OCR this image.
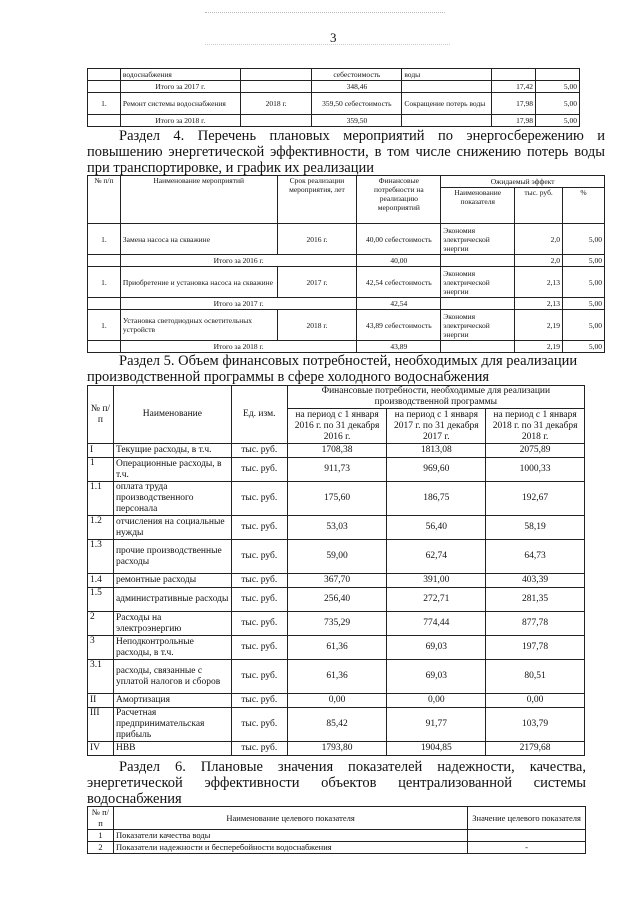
3
	водоснабжения		себестоимость	воды		
	Итого за 2017 г.		348,46		17,42	5,00
1.	Ремонт системы водоснабжения	2018 г.	359,50 себестоимость	Сокращение потерь воды	17,98	5,00
	Итого за 2018 г.		359,50		17,98	5,00
Раздел 4. Перечень плановых мероприятий по энергосбережению и повышению энергетической эффективности, в том числе снижению потерь воды при транспортировке, и график их реализации
№ п/п	Наименование мероприятий	Срок реализации мероприятия, лет	Финансовые потребности на реализацию мероприятий	Ожидаемый эффект		
				Наименование показателя	тыс. руб.	%
1.	Замена насоса на скважине	2016 г.	40,00 себестоимость	Экономия электрической энергии	2,0	5,00
	Итого за 2016 г.		40,00		2,0	5,00
1.	Приобретение и установка насоса на скважине	2017 г.	42,54 себестоимость	Экономия электрической энергии	2,13	5,00
	Итого за 2017 г.		42,54		2,13	5,00
1.	Установка светодиодных осветительных устройств	2018 г.	43,89 себестоимость	Экономия электрической энергии	2,19	5,00
	Итого за 2018 г.		43,89		2,19	5,00
Раздел 5. Объем финансовых потребностей, необходимых для реализации производственной программы в сфере холодного водоснабжения
№ п/п	Наименование	Ед. изм.	Финансовые потребности, необходимые для реализации производственной программы		
			на период с 1 января 2016 г. по 31 декабря 2016 г.	на период с 1 января 2017 г. по 31 декабря 2017 г.	на период с 1 января 2018 г. по 31 декабря 2018 г.
I	Текущие расходы, в т.ч.	тыс. руб.	1708,38	1813,08	2075,89
1	Операционные расходы, в т.ч.	тыс. руб.	911,73	969,60	1000,33
1.1	оплата труда производственного персонала	тыс. руб.	175,60	186,75	192,67
1.2	отчисления на социальные нужды	тыс. руб.	53,03	56,40	58,19
1.3	прочие производственные расходы	тыс. руб.	59,00	62,74	64,73
1.4	ремонтные расходы	тыс. руб.	367,70	391,00	403,39
1.5	административные расходы	тыс. руб.	256,40	272,71	281,35
2	Расходы на электроэнергию	тыс. руб.	735,29	774,44	877,78
3	Неподконтрольные расходы, в т.ч.	тыс. руб.	61,36	69,03	197,78
3.1	расходы, связанные с уплатой налогов и сборов	тыс. руб.	61,36	69,03	80,51
II	Амортизация	тыс. руб.	0,00	0,00	0,00
III	Расчетная предпринимательская прибыль	тыс. руб.	85,42	91,77	103,79
IV	НВВ	тыс. руб.	1793,80	1904,85	2179,68
Раздел 6. Плановые значения показателей надежности, качества, энергетической эффективности объектов централизованной системы водоснабжения
№ п/п	Наименование целевого показателя	Значение целевого показателя
1	Показатели качества воды	
2	Показатели надежности и бесперебойности водоснабжения	-
